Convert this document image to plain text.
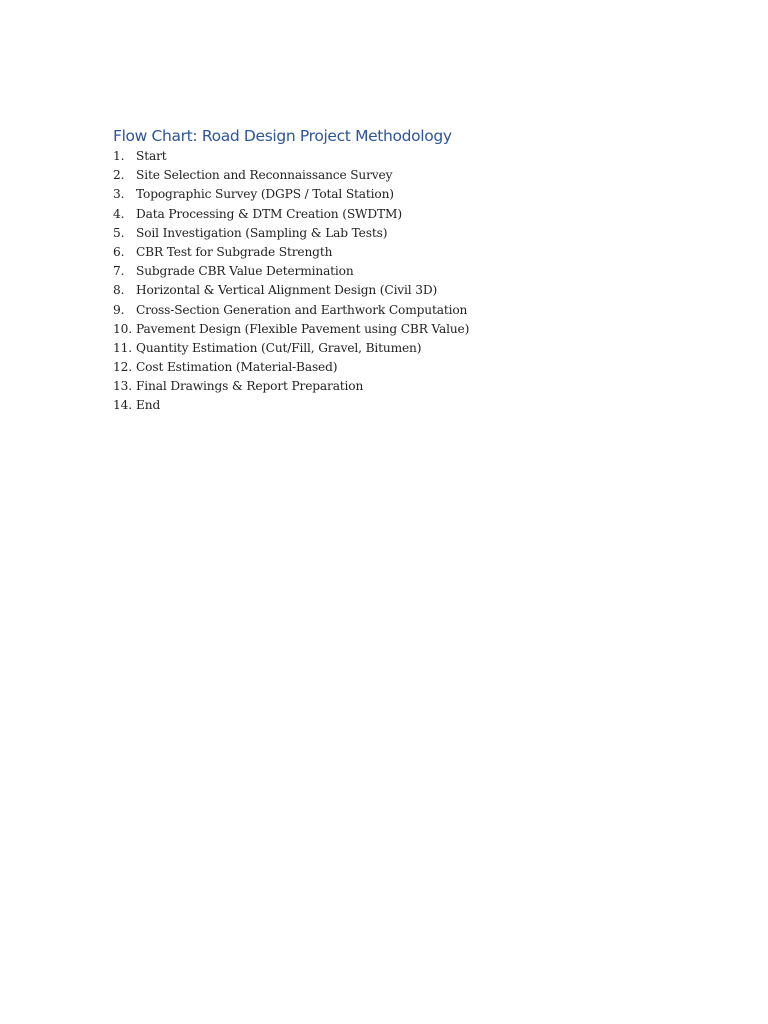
Flow Chart: Road Design Project Methodology
1. Start
2. Site Selection and Reconnaissance Survey
3. Topographic Survey (DGPS / Total Station)
4. Data Processing & DTM Creation (SWDTM)
5. Soil Investigation (Sampling & Lab Tests)
6. CBR Test for Subgrade Strength
7. Subgrade CBR Value Determination
8. Horizontal & Vertical Alignment Design (Civil 3D)
9. Cross-Section Generation and Earthwork Computation
10. Pavement Design (Flexible Pavement using CBR Value)
11. Quantity Estimation (Cut/Fill, Gravel, Bitumen)
12. Cost Estimation (Material-Based)
13. Final Drawings & Report Preparation
14. End
